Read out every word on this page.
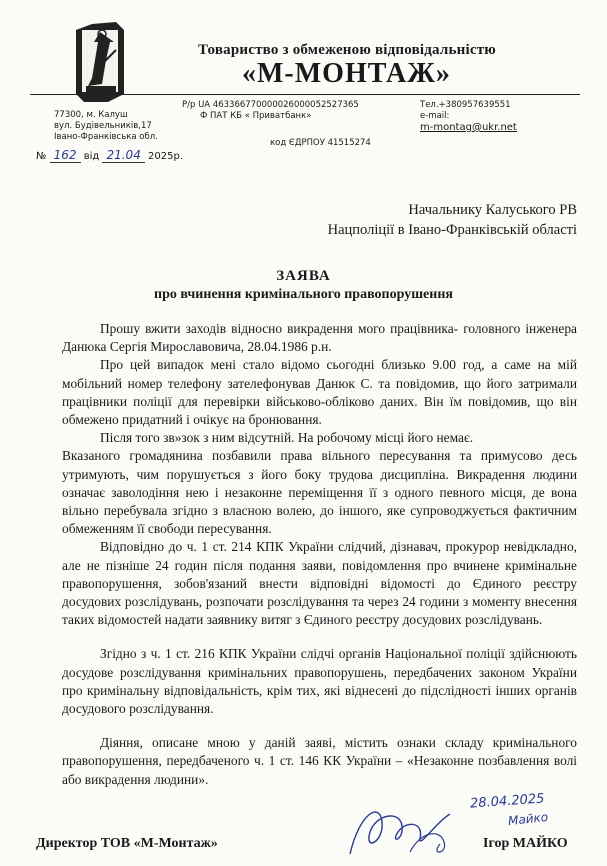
Товариство з обмеженою відповідальністю
«М-МОНТАЖ»
77300, м. Калуш
вул. Будівельників,17
Івано-Франківська обл.
Р/р UA 463366770000026000052527365
Ф ПАТ КБ « Приватбанк»
код ЄДРПОУ 41515274
Тел.+380957639551
e-mail:
m-montag@ukr.net
№ 162 від 21.04 2025р.
Начальнику Калуського РВ
Нацполіції в Івано-Франківській області
ЗАЯВА
про вчинення кримінального правопорушення

Прошу вжити заходів відносно викрадення мого працівника- головного інженера Данюка Сергія Мирославовича, 28.04.1986 р.н.

Про цей випадок мені стало відомо сьогодні близько 9.00 год, а саме на мій мобільний номер телефону зателефонував Данюк С. та повідомив, що його затримали працівники поліції для перевірки військово-обліково даних. Він їм повідомив, що він обмежено придатний і очікує на бронювання.

Після того зв»зок з ним відсутній. На робочому місці його немає.

Вказаного громадянина позбавили права вільного пересування та примусово десь утримують, чим порушується з його боку трудова дисципліна. Викрадення людини означає заволодіння нею і незаконне переміщення її з одного певного місця, де вона вільно перебувала згідно з власною волею, до іншого, яке супроводжується фактичним обмеженням її свободи пересування.

Відповідно до ч. 1 ст. 214 КПК України слідчий, дізнавач, прокурор невідкладно, але не пізніше 24 годин після подання заяви, повідомлення про вчинене кримінальне правопорушення, зобов'язаний внести відповідні відомості до Єдиного реєстру досудових розслідувань, розпочати розслідування та через 24 години з моменту внесення таких відомостей надати заявнику витяг з Єдиного реєстру досудових розслідувань.

Згідно з ч. 1 ст. 216 КПК України слідчі органів Національної поліції здійснюють досудове розслідування кримінальних правопорушень, передбачених законом України про кримінальну відповідальність, крім тих, які віднесені до підслідності інших органів досудового розслідування.

Діяння, описане мною у даній заяві, містить ознаки складу кримінального правопорушення, передбаченого ч. 1 ст. 146 КК України – «Незаконне позбавлення волі або викрадення людини».

28.04.2025
Майко
Директор ТОВ «М-Монтаж»	Ігор МАЙКО
